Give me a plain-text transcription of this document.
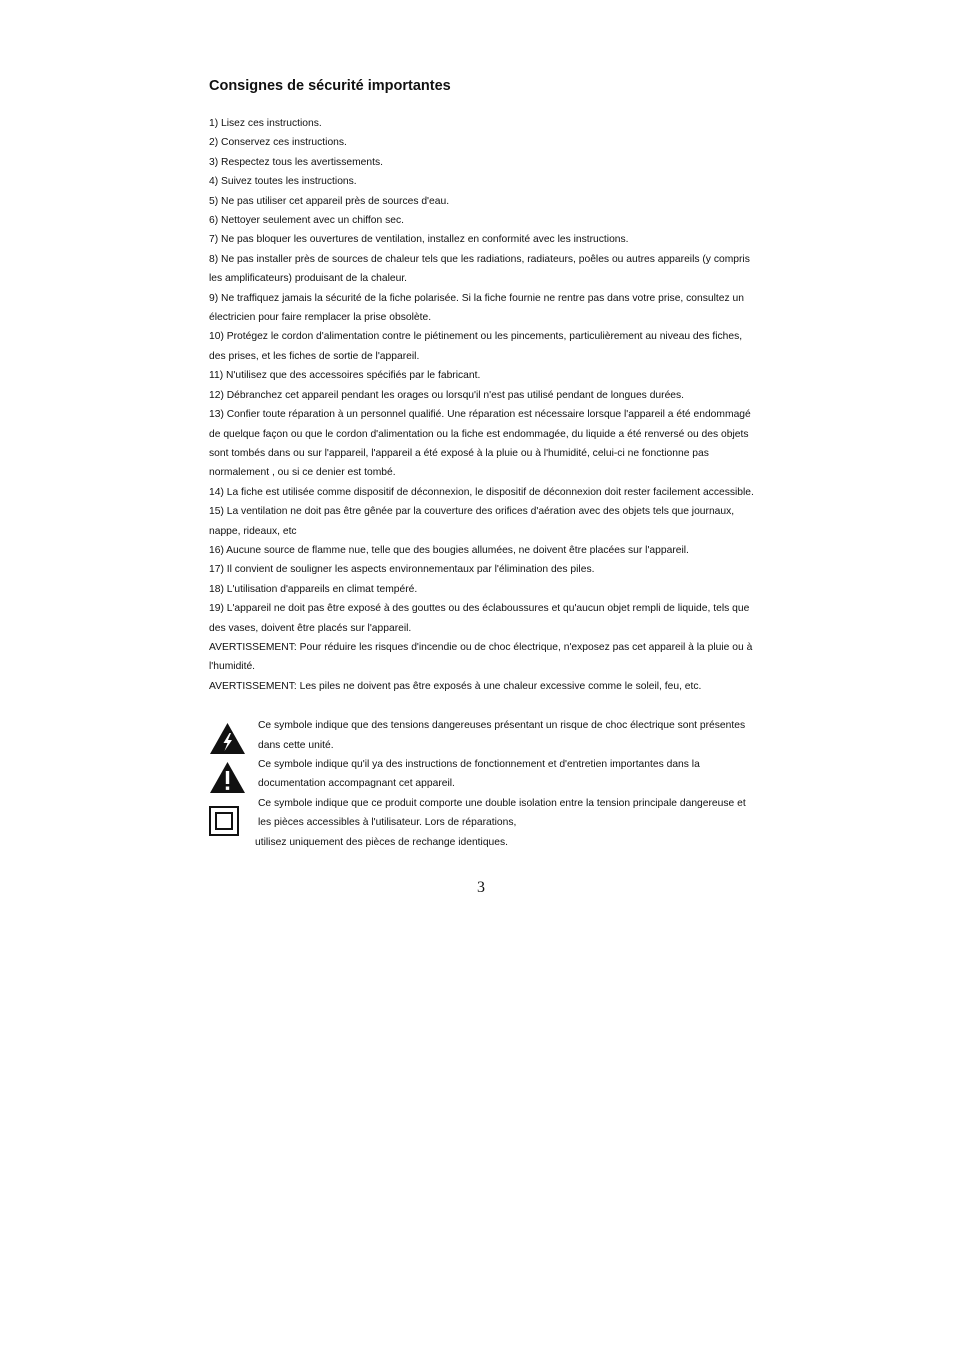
Consignes de sécurité importantes

1) Lisez ces instructions.

2) Conservez ces instructions.

3) Respectez tous les avertissements.

4) Suivez toutes les instructions.

5) Ne pas utiliser cet appareil près de sources d'eau.

6) Nettoyer seulement avec un chiffon sec.

7) Ne pas bloquer les ouvertures de ventilation, installez en conformité avec les instructions.

8) Ne pas installer près de sources de chaleur tels que les radiations, radiateurs, poêles ou autres appareils (y compris les amplificateurs) produisant de la chaleur.

9) Ne traffiquez jamais la sécurité de la fiche polarisée. Si la fiche fournie ne rentre pas dans votre prise, consultez un électricien pour faire remplacer la prise obsolète.

10) Protégez le cordon d'alimentation contre le piétinement ou les pincements, particulièrement au niveau des fiches, des prises, et les fiches de sortie de l'appareil.

11) N'utilisez que des accessoires spécifiés par le fabricant.

12) Débranchez cet appareil pendant les orages ou lorsqu'il n'est pas utilisé pendant de longues durées.

13) Confier toute réparation à un personnel qualifié. Une réparation est nécessaire lorsque l'appareil a été endommagé de quelque façon ou que le cordon d'alimentation ou la fiche est endommagée, du liquide a été renversé ou des objets sont tombés dans ou sur l'appareil, l'appareil a été exposé à la pluie ou à l'humidité, celui-ci ne fonctionne pas normalement , ou si ce denier est tombé.

14) La fiche est utilisée comme dispositif de déconnexion, le dispositif de déconnexion doit rester facilement accessible.

15) La ventilation ne doit pas être gênée par la couverture des orifices d'aération avec des objets tels que journaux, nappe, rideaux, etc

16) Aucune source de flamme nue, telle que des bougies allumées, ne doivent être placées sur l'appareil.

17) Il convient de souligner les aspects environnementaux par l'élimination des piles.

18) L'utilisation d'appareils en climat tempéré.

19) L'appareil ne doit pas être exposé à des gouttes ou des éclaboussures et qu'aucun objet rempli de liquide, tels que des vases, doivent être placés sur l'appareil.

AVERTISSEMENT: Pour réduire les risques d'incendie ou de choc électrique, n'exposez pas cet appareil à la pluie ou à l'humidité.

AVERTISSEMENT: Les piles ne doivent pas être exposés à une chaleur excessive comme le soleil, feu, etc.

Ce symbole indique que des tensions dangereuses présentant un risque de choc électrique sont présentes dans cette unité.
Ce symbole indique qu'il ya des instructions de fonctionnement et d'entretien importantes dans la documentation accompagnant cet appareil.
Ce symbole indique que ce produit comporte une double isolation entre la tension principale dangereuse et les pièces accessibles à l'utilisateur. Lors de réparations,
utilisez uniquement des pièces de rechange identiques.
3
